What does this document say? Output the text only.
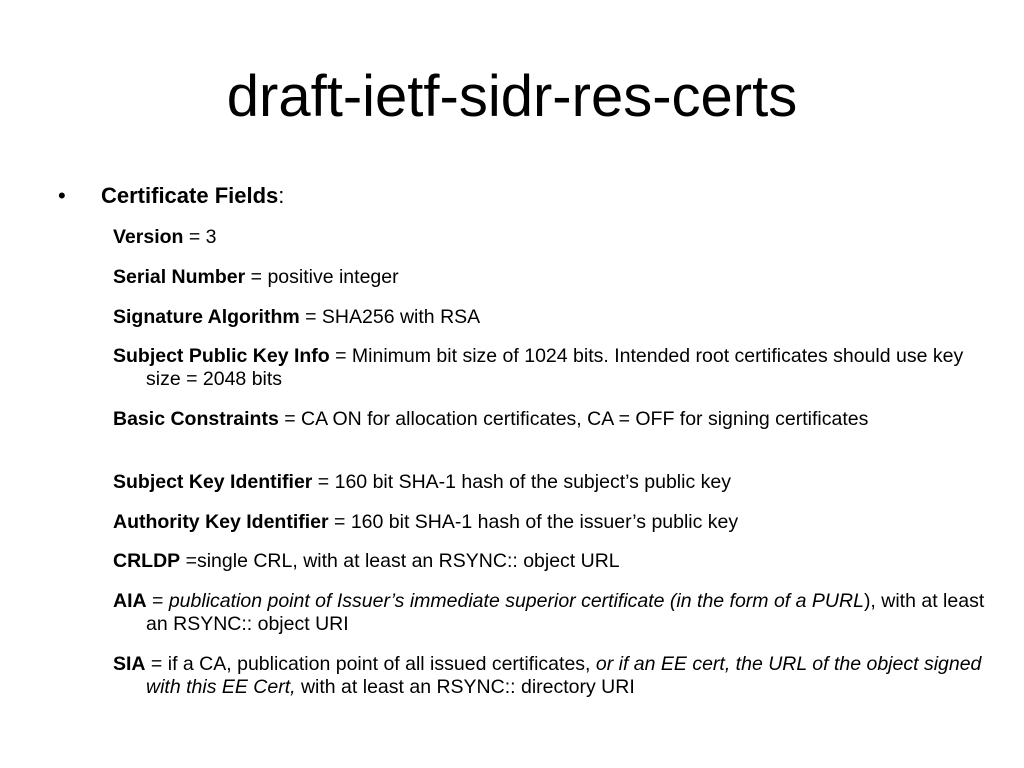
draft-ietf-sidr-res-certs
• Certificate Fields:
Version = 3
Serial Number = positive integer
Signature Algorithm = SHA256 with RSA
Subject Public Key Info = Minimum bit size of 1024 bits. Intended root certificates should use key size = 2048 bits
Basic Constraints = CA ON for allocation certificates, CA = OFF for signing certificates
Subject Key Identifier = 160 bit SHA-1 hash of the subject’s public key
Authority Key Identifier = 160 bit SHA-1 hash of the issuer’s public key
CRLDP =single CRL, with at least an RSYNC:: object URL
AIA = publication point of Issuer’s immediate superior certificate (in the form of a PURL), with at least an RSYNC:: object URI
SIA = if a CA, publication point of all issued certificates, or if an EE cert, the URL of the object signed with this EE Cert, with at least an RSYNC:: directory URI
